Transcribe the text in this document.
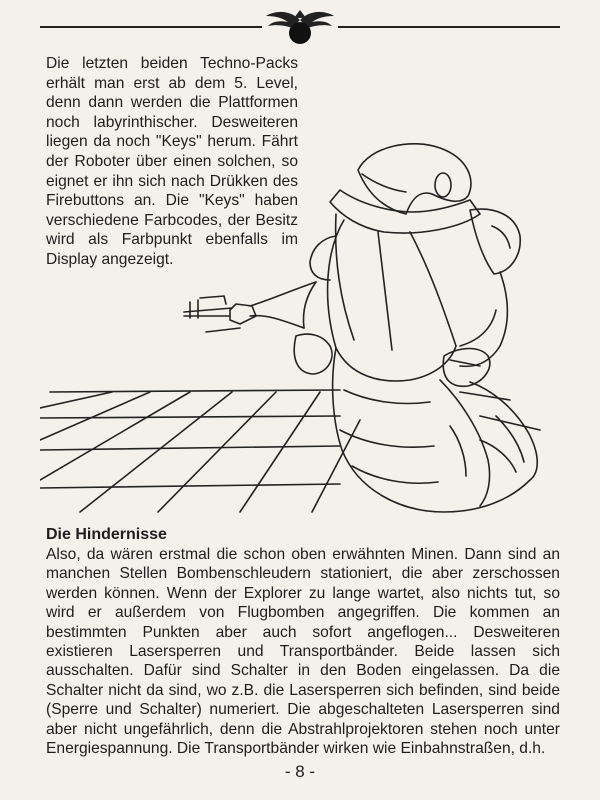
Die letzten beiden Techno-Packs erhält man erst ab dem 5. Level, denn dann werden die Plattformen noch labyrinthischer. Desweiteren liegen da noch "Keys" herum. Fährt der Roboter über einen solchen, so eignet er ihn sich nach Drükken des Firebuttons an. Die "Keys" haben verschiedene Farbcodes, der Besitz wird als Farbpunkt ebenfalls im Display angezeigt.

Die Hindernisse

Also, da wären erstmal die schon oben erwähnten Minen. Dann sind an manchen Stellen Bombenschleudern stationiert, die aber zerschossen werden können. Wenn der Explorer zu lange wartet, also nichts tut, so wird er außerdem von Flugbomben angegriffen. Die kommen an bestimmten Punkten aber auch sofort angeflogen... Desweiteren existieren Lasersperren und Transportbänder. Beide lassen sich ausschalten. Dafür sind Schalter in den Boden eingelassen. Da die Schalter nicht da sind, wo z.B. die Lasersperren sich befinden, sind beide (Sperre und Schalter) numeriert. Die abgeschalteten Lasersperren sind aber nicht ungefährlich, denn die Abstrahlprojektoren stehen noch unter Energiespannung. Die Transportbänder wirken wie Einbahnstraßen, d.h.

- 8 -
